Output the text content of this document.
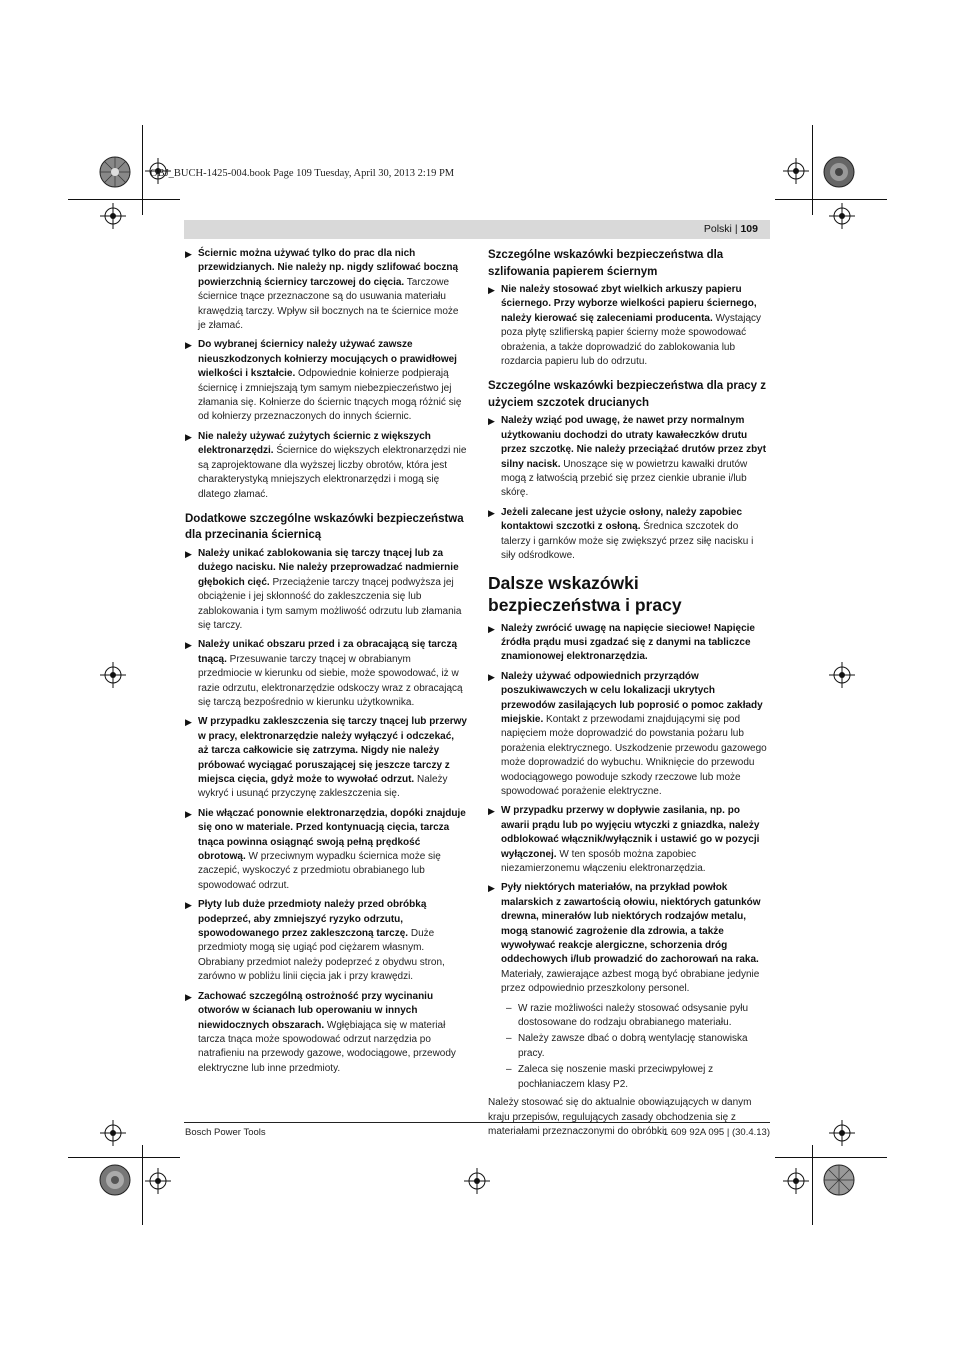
OBJ_BUCH-1425-004.book Page 109 Tuesday, April 30, 2013 2:19 PM
Polski | 109
▶ Ściernic można używać tylko do prac dla nich przewidzianych. Nie należy np. nigdy szlifować boczną powierzchnią ściernicy tarczowej do cięcia. Tarczowe ściernice tnące przeznaczone są do usuwania materiału krawędzią tarczy. Wpływ sił bocznych na te ściernice może je złamać.
▶ Do wybranej ściernicy należy używać zawsze nieuszkodzonych kołnierzy mocujących o prawidłowej wielkości i kształcie. Odpowiednie kołnierze podpierają ściernicę i zmniejszają tym samym niebezpieczeństwo jej złamania się. Kołnierze do ściernic tnących mogą różnić się od kołnierzy przeznaczonych do innych ściernic.
▶ Nie należy używać zużytych ściernic z większych elektronarzędzi. Ściernice do większych elektronarzędzi nie są zaprojektowane dla wyższej liczby obrotów, która jest charakterystyką mniejszych elektronarzędzi i mogą się dlatego złamać.
Dodatkowe szczególne wskazówki bezpieczeństwa dla przecinania ściernicą
▶ Należy unikać zablokowania się tarczy tnącej lub za dużego nacisku. Nie należy przeprowadzać nadmiernie głębokich cięć. Przeciążenie tarczy tnącej podwyższa jej obciążenie i jej skłonność do zakleszczenia się lub zablokowania i tym samym możliwość odrzutu lub złamania się tarczy.
▶ Należy unikać obszaru przed i za obracającą się tarczą tnącą. Przesuwanie tarczy tnącej w obrabianym przedmiocie w kierunku od siebie, może spowodować, iż w razie odrzutu, elektronarzędzie odskoczy wraz z obracającą się tarczą bezpośrednio w kierunku użytkownika.
▶ W przypadku zakleszczenia się tarczy tnącej lub przerwy w pracy, elektronarzędzie należy wyłączyć i odczekać, aż tarcza całkowicie się zatrzyma. Nigdy nie należy próbować wyciągać poruszającej się jeszcze tarczy z miejsca cięcia, gdyż może to wywołać odrzut. Należy wykryć i usunąć przyczynę zakleszczenia się.
▶ Nie włączać ponownie elektronarzędzia, dopóki znajduje się ono w materiale. Przed kontynuacją cięcia, tarcza tnąca powinna osiągnąć swoją pełną prędkość obrotową. W przeciwnym wypadku ściernica może się zaczepić, wyskoczyć z przedmiotu obrabianego lub spowodować odrzut.
▶ Płyty lub duże przedmioty należy przed obróbką podeprzeć, aby zmniejszyć ryzyko odrzutu, spowodowanego przez zakleszczoną tarczę. Duże przedmioty mogą się ugiąć pod ciężarem własnym. Obrabiany przedmiot należy podeprzeć z obydwu stron, zarówno w pobliżu linii cięcia jak i przy krawędzi.
▶ Zachować szczególną ostrożność przy wycinaniu otworów w ścianach lub operowaniu w innych niewidocznych obszarach. Wgłębiająca się w materiał tarcza tnąca może spowodować odrzut narzędzia po natrafieniu na przewody gazowe, wodociągowe, przewody elektryczne lub inne przedmioty.
Szczególne wskazówki bezpieczeństwa dla szlifowania papierem ściernym
▶ Nie należy stosować zbyt wielkich arkuszy papieru ściernego. Przy wyborze wielkości papieru ściernego, należy kierować się zaleceniami producenta. Wystający poza płytę szlifierską papier ścierny może spowodować obrażenia, a także doprowadzić do zablokowania lub rozdarcia papieru lub do odrzutu.
Szczególne wskazówki bezpieczeństwa dla pracy z użyciem szczotek drucianych
▶ Należy wziąć pod uwagę, że nawet przy normalnym użytkowaniu dochodzi do utraty kawałeczków drutu przez szczotkę. Nie należy przeciążać drutów przez zbyt silny nacisk. Unoszące się w powietrzu kawałki drutów mogą z łatwością przebić się przez cienkie ubranie i/lub skórę.
▶ Jeżeli zalecane jest użycie osłony, należy zapobiec kontaktowi szczotki z osłoną. Średnica szczotek do talerzy i garnków może się zwiększyć przez siłę nacisku i siły odśrodkowe.
Dalsze wskazówki bezpieczeństwa i pracy
▶ Należy zwrócić uwagę na napięcie sieciowe! Napięcie źródła prądu musi zgadzać się z danymi na tabliczce znamionowej elektronarzędzia.
▶ Należy używać odpowiednich przyrządów poszukiwawczych w celu lokalizacji ukrytych przewodów zasilających lub poprosić o pomoc zakłady miejskie. Kontakt z przewodami znajdującymi się pod napięciem może doprowadzić do powstania pożaru lub porażenia elektrycznego. Uszkodzenie przewodu gazowego może doprowadzić do wybuchu. Wniknięcie do przewodu wodociągowego powoduje szkody rzeczowe lub może spowodować porażenie elektryczne.
▶ W przypadku przerwy w dopływie zasilania, np. po awarii prądu lub po wyjęciu wtyczki z gniazdka, należy odblokować włącznik/wyłącznik i ustawić go w pozycji wyłączonej. W ten sposób można zapobiec niezamierzonemu włączeniu elektronarzędzia.
▶ Pyły niektórych materiałów, na przykład powłok malarskich z zawartością ołowiu, niektórych gatunków drewna, minerałów lub niektórych rodzajów metalu, mogą stanowić zagrożenie dla zdrowia, a także wywoływać reakcje alergiczne, schorzenia dróg oddechowych i/lub prowadzić do zachorowań na raka. Materiały, zawierające azbest mogą być obrabiane jedynie przez odpowiednio przeszkolony personel.
– W razie możliwości należy stosować odsysanie pyłu dostosowane do rodzaju obrabianego materiału.
– Należy zawsze dbać o dobrą wentylację stanowiska pracy.
– Zaleca się noszenie maski przeciwpyłowej z pochłaniaczem klasy P2.
Należy stosować się do aktualnie obowiązujących w danym kraju przepisów, regulujących zasady obchodzenia się z materiałami przeznaczonymi do obróbki.
Bosch Power Tools	1 609 92A 095 | (30.4.13)
